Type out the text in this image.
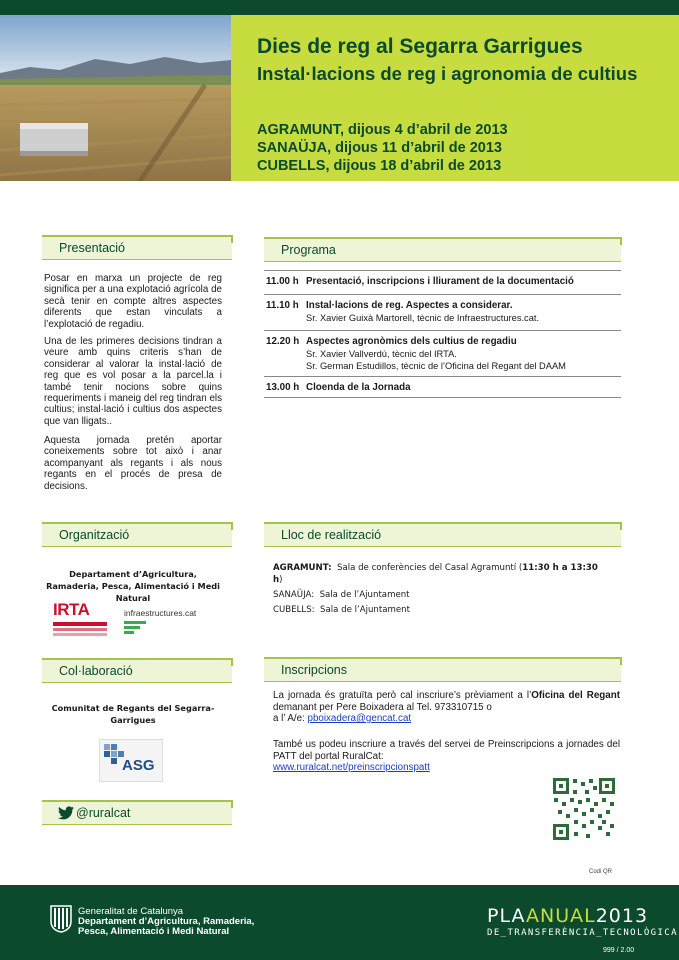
Dies de reg al Segarra Garrigues
Instal·lacions de reg i agronomia de cultius
AGRAMUNT, dijous 4 d’abril de 2013
SANAÜJA, dijous 11 d’abril de 2013
CUBELLS, dijous 18 d’abril de 2013
Presentació

Posar en marxa un projecte de reg significa per a una explotació agrícola de secà tenir en compte altres aspectes diferents que estan vinculats a l’explotació de regadiu.

Una de les primeres decisions tindran a veure amb quins criteris s’han de considerar al valorar la instal·lació de reg que es vol posar a la parcel.la i també tenir nocions sobre quins requeriments i maneig del reg tindran els cultius; instal·lació i cultius dos aspectes que van lligats..

Aquesta jornada pretén aportar coneixements sobre tot això i anar acompanyant als regants i als nous regants en el procés de presa de decisions.

Programa
11.00 h Presentació, inscripcions i lliurament de la documentació
11.10 h Instal·lacions de reg. Aspectes a considerar.
Sr. Xavier Guixà Martorell, tècnic de Infraestructures.cat.
12.20 h Aspectes agronòmics dels cultius de regadiu
Sr. Xavier Vallverdú, tècnic del IRTA.
Sr. German Estudillos, tècnic de l’Oficina del Regant del DAAM
13.00 h Cloenda de la Jornada
Organització
Departament d’Agricultura, Ramaderia, Pesca, Alimentació i Medi Natural
IRTA	infraestructures.cat
Lloc de realització
AGRAMUNT: Sala de conferències del Casal Agramuntí (11:30 h a 13:30
h)
SANAÜJA: Sala de l’Ajuntament
CUBELLS: Sala de l’Ajuntament
Col·laboració
Comunitat de Regants del Segarra-Garrigues
ASG
@ruralcat
Inscripcions

La jornada és gratuïta però cal inscriure’s prèviament a l’Oficina del Regant demanant per Pere Boixadera al Tel. 973310715 o
a l’ A/e: pboixadera@gencat.cat

També us podeu inscriure a través del servei de Preinscripcions a jornades del PATT del portal RuralCat:
www.ruralcat.net/preinscripcionspatt

Codi QR
Generalitat de Catalunya
Departament d’Agricultura, Ramaderia,
Pesca, Alimentació i Medi Natural
PLAANUAL2013
DE_TRANSFERÈNCIA_TECNOLÒGICA
999 / 2.00
